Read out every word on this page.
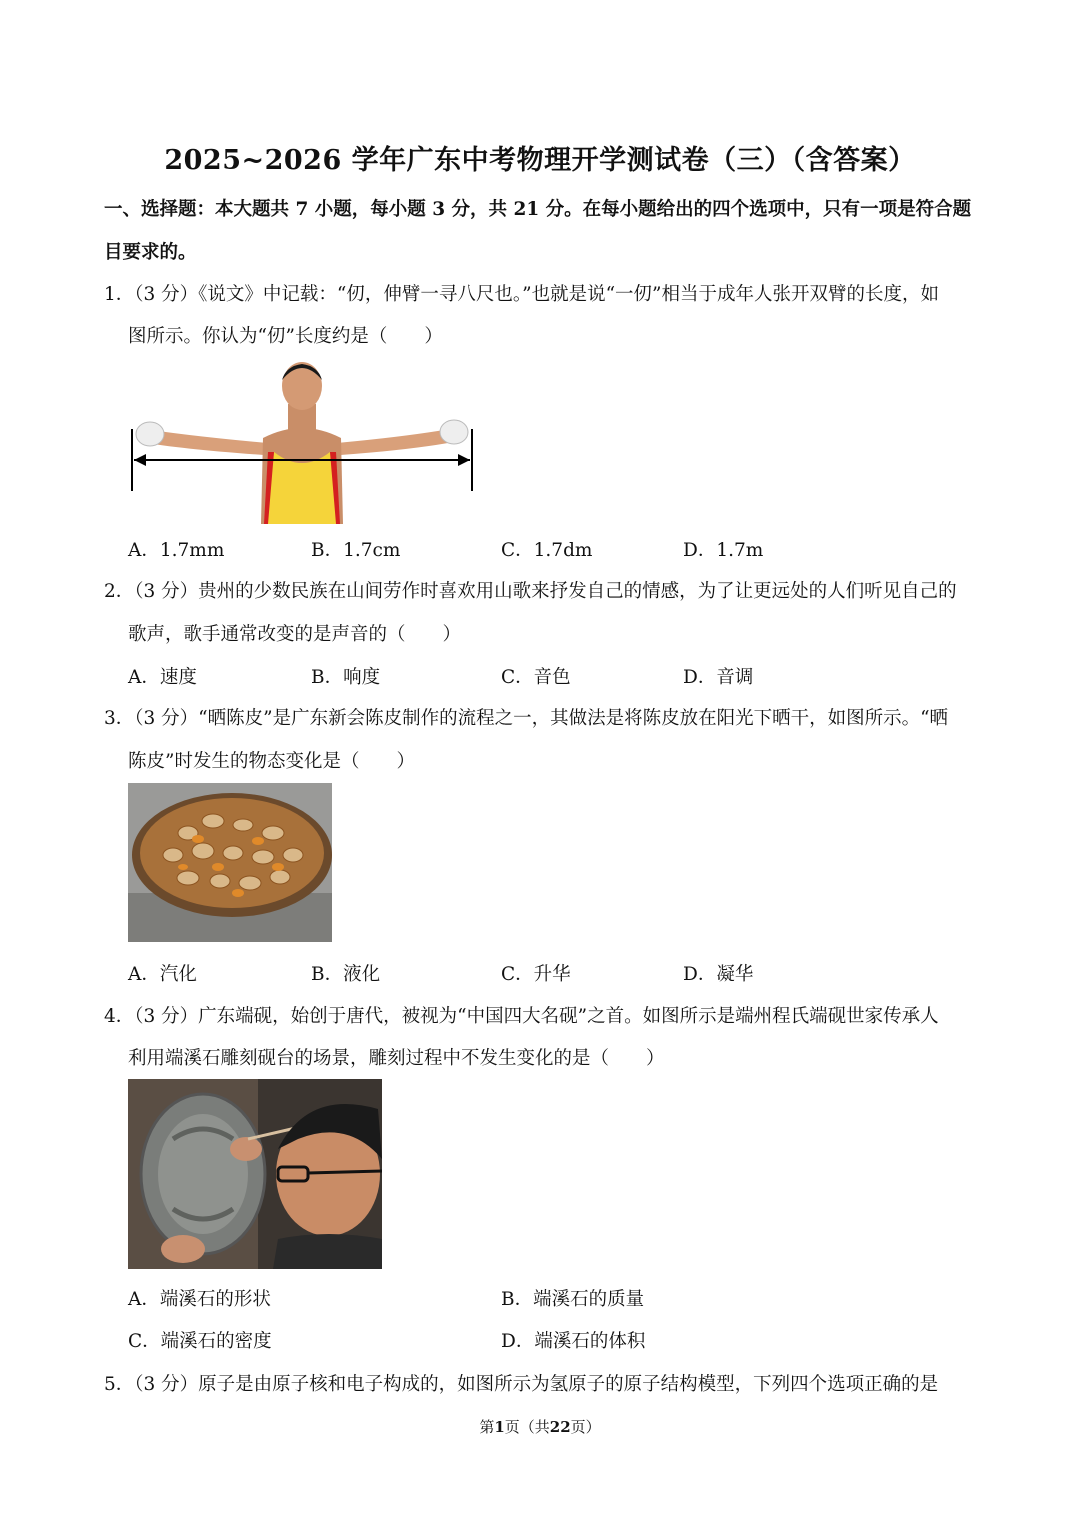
2025~2026 学年广东中考物理开学测试卷（三）（含答案）
一、选择题：本大题共 7 小题，每小题 3 分，共 21 分。在每小题给出的四个选项中，只有一项是符合题
目要求的。
1．（3 分）《说文》中记载：“仞，伸臂一寻八尺也。”也就是说“一仞”相当于成年人张开双臂的长度，如
图所示。你认为“仞”长度约是（　　）
A．1.7mm	B．1.7cm	C．1.7dm	D．1.7m
2．（3 分）贵州的少数民族在山间劳作时喜欢用山歌来抒发自己的情感，为了让更远处的人们听见自己的
歌声，歌手通常改变的是声音的（　　）
A．速度	B．响度	C．音色	D．音调
3．（3 分）“晒陈皮”是广东新会陈皮制作的流程之一，其做法是将陈皮放在阳光下晒干，如图所示。“晒
陈皮”时发生的物态变化是（　　）
A．汽化	B．液化	C．升华	D．凝华
4．（3 分）广东端砚，始创于唐代，被视为“中国四大名砚”之首。如图所示是端州程氏端砚世家传承人
利用端溪石雕刻砚台的场景，雕刻过程中不发生变化的是（　　）
A．端溪石的形状	B．端溪石的质量
C．端溪石的密度	D．端溪石的体积
5．（3 分）原子是由原子核和电子构成的，如图所示为氢原子的原子结构模型，下列四个选项正确的是
第1页（共22页）
